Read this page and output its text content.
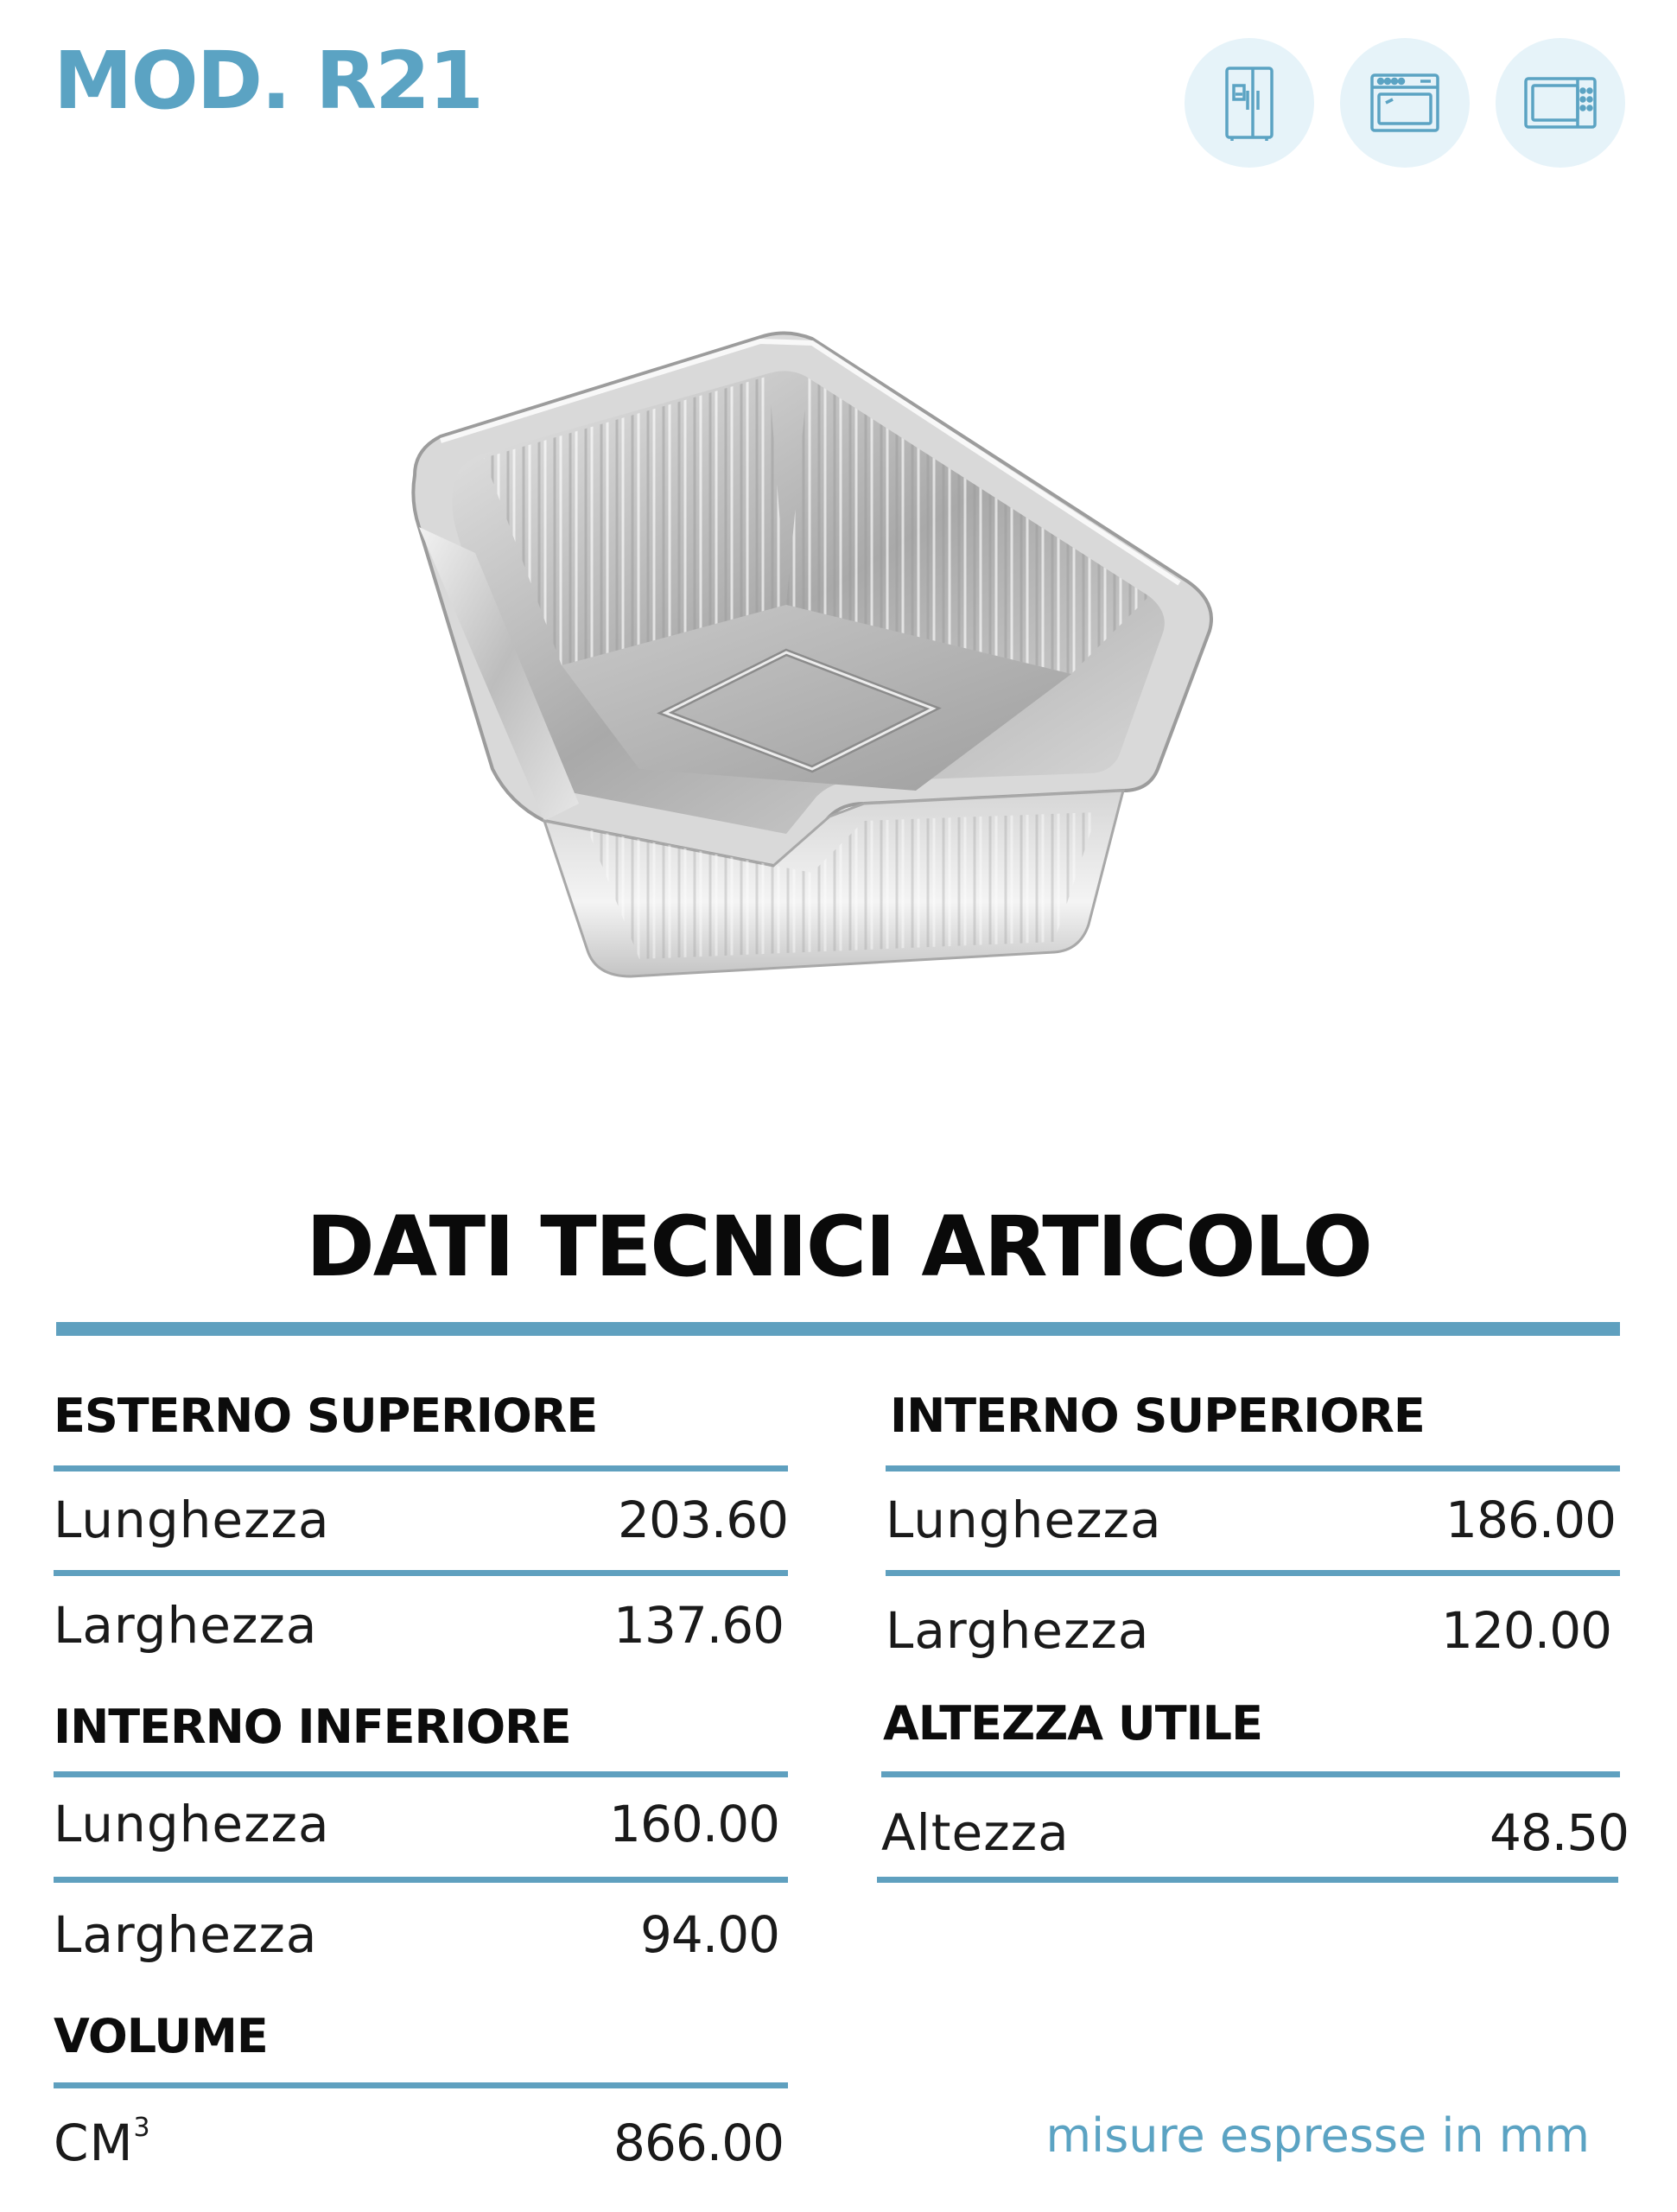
MOD. R21
DATI TECNICI ARTICOLO
ESTERNO SUPERIORE
Lunghezza	203.60
Larghezza	137.60
INTERNO INFERIORE
Lunghezza	160.00
Larghezza	94.00
VOLUME
$CM^3$	866.00
INTERNO SUPERIORE
Lunghezza	186.00
Larghezza	120.00
ALTEZZA UTILE
Altezza	48.50

misure espresse in mm
